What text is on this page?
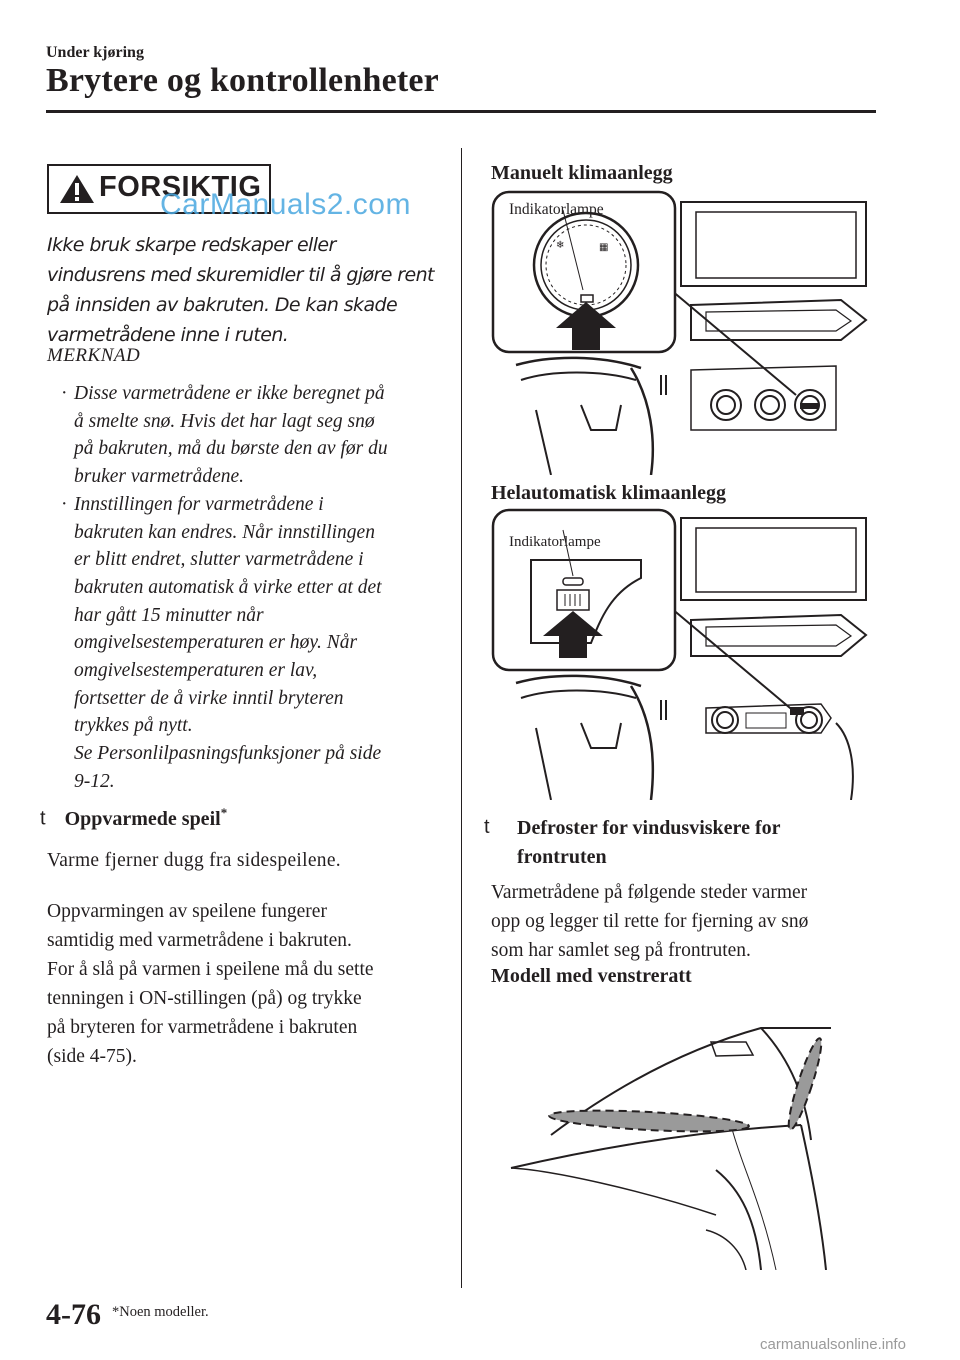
Under kjøring
Brytere og kontrollenheter
FORSIKTIG
CarManuals2.com
Ikke bruk skarpe redskaper eller vindusrens med skuremidler til å gjøre rent på innsiden av bakruten. De kan skade varmetrådene inne i ruten.
MERKNAD
· Disse varmetrådene er ikke beregnet på
å smelte snø. Hvis det har lagt seg snø
på bakruten, må du børste den av før du
bruker varmetrådene.
· Innstillingen for varmetrådene i
bakruten kan endres. Når innstillingen
er blitt endret, slutter varmetrådene i
bakruten automatisk å virke etter at det
har gått 15 minutter når
omgivelsestemperaturen er høy. Når
omgivelsestemperaturen er lav,
fortsetter de å virke inntil bryteren
trykkes på nytt.
Se Personlilpasningsfunksjoner på side
9-12.
t Oppvarmede speil*
Varme fjerner dugg fra sidespeilene.
Oppvarmingen av speilene fungerer
samtidig med varmetrådene i bakruten.
For å slå på varmen i speilene må du sette
tenningen i ON-stillingen (på) og trykke
på bryteren for varmetrådene i bakruten
(side 4-75).
Manuelt klimaanlegg
❄	▦
Indikatorlampe
Helautomatisk klimaanlegg
Indikatorlampe
t Defroster for vindusviskere for
frontruten
Varmetrådene på følgende steder varmer
opp og legger til rette for fjerning av snø
som har samlet seg på frontruten.
Modell med venstreratt
4-76 *Noen modeller.
carmanualsonline.info
